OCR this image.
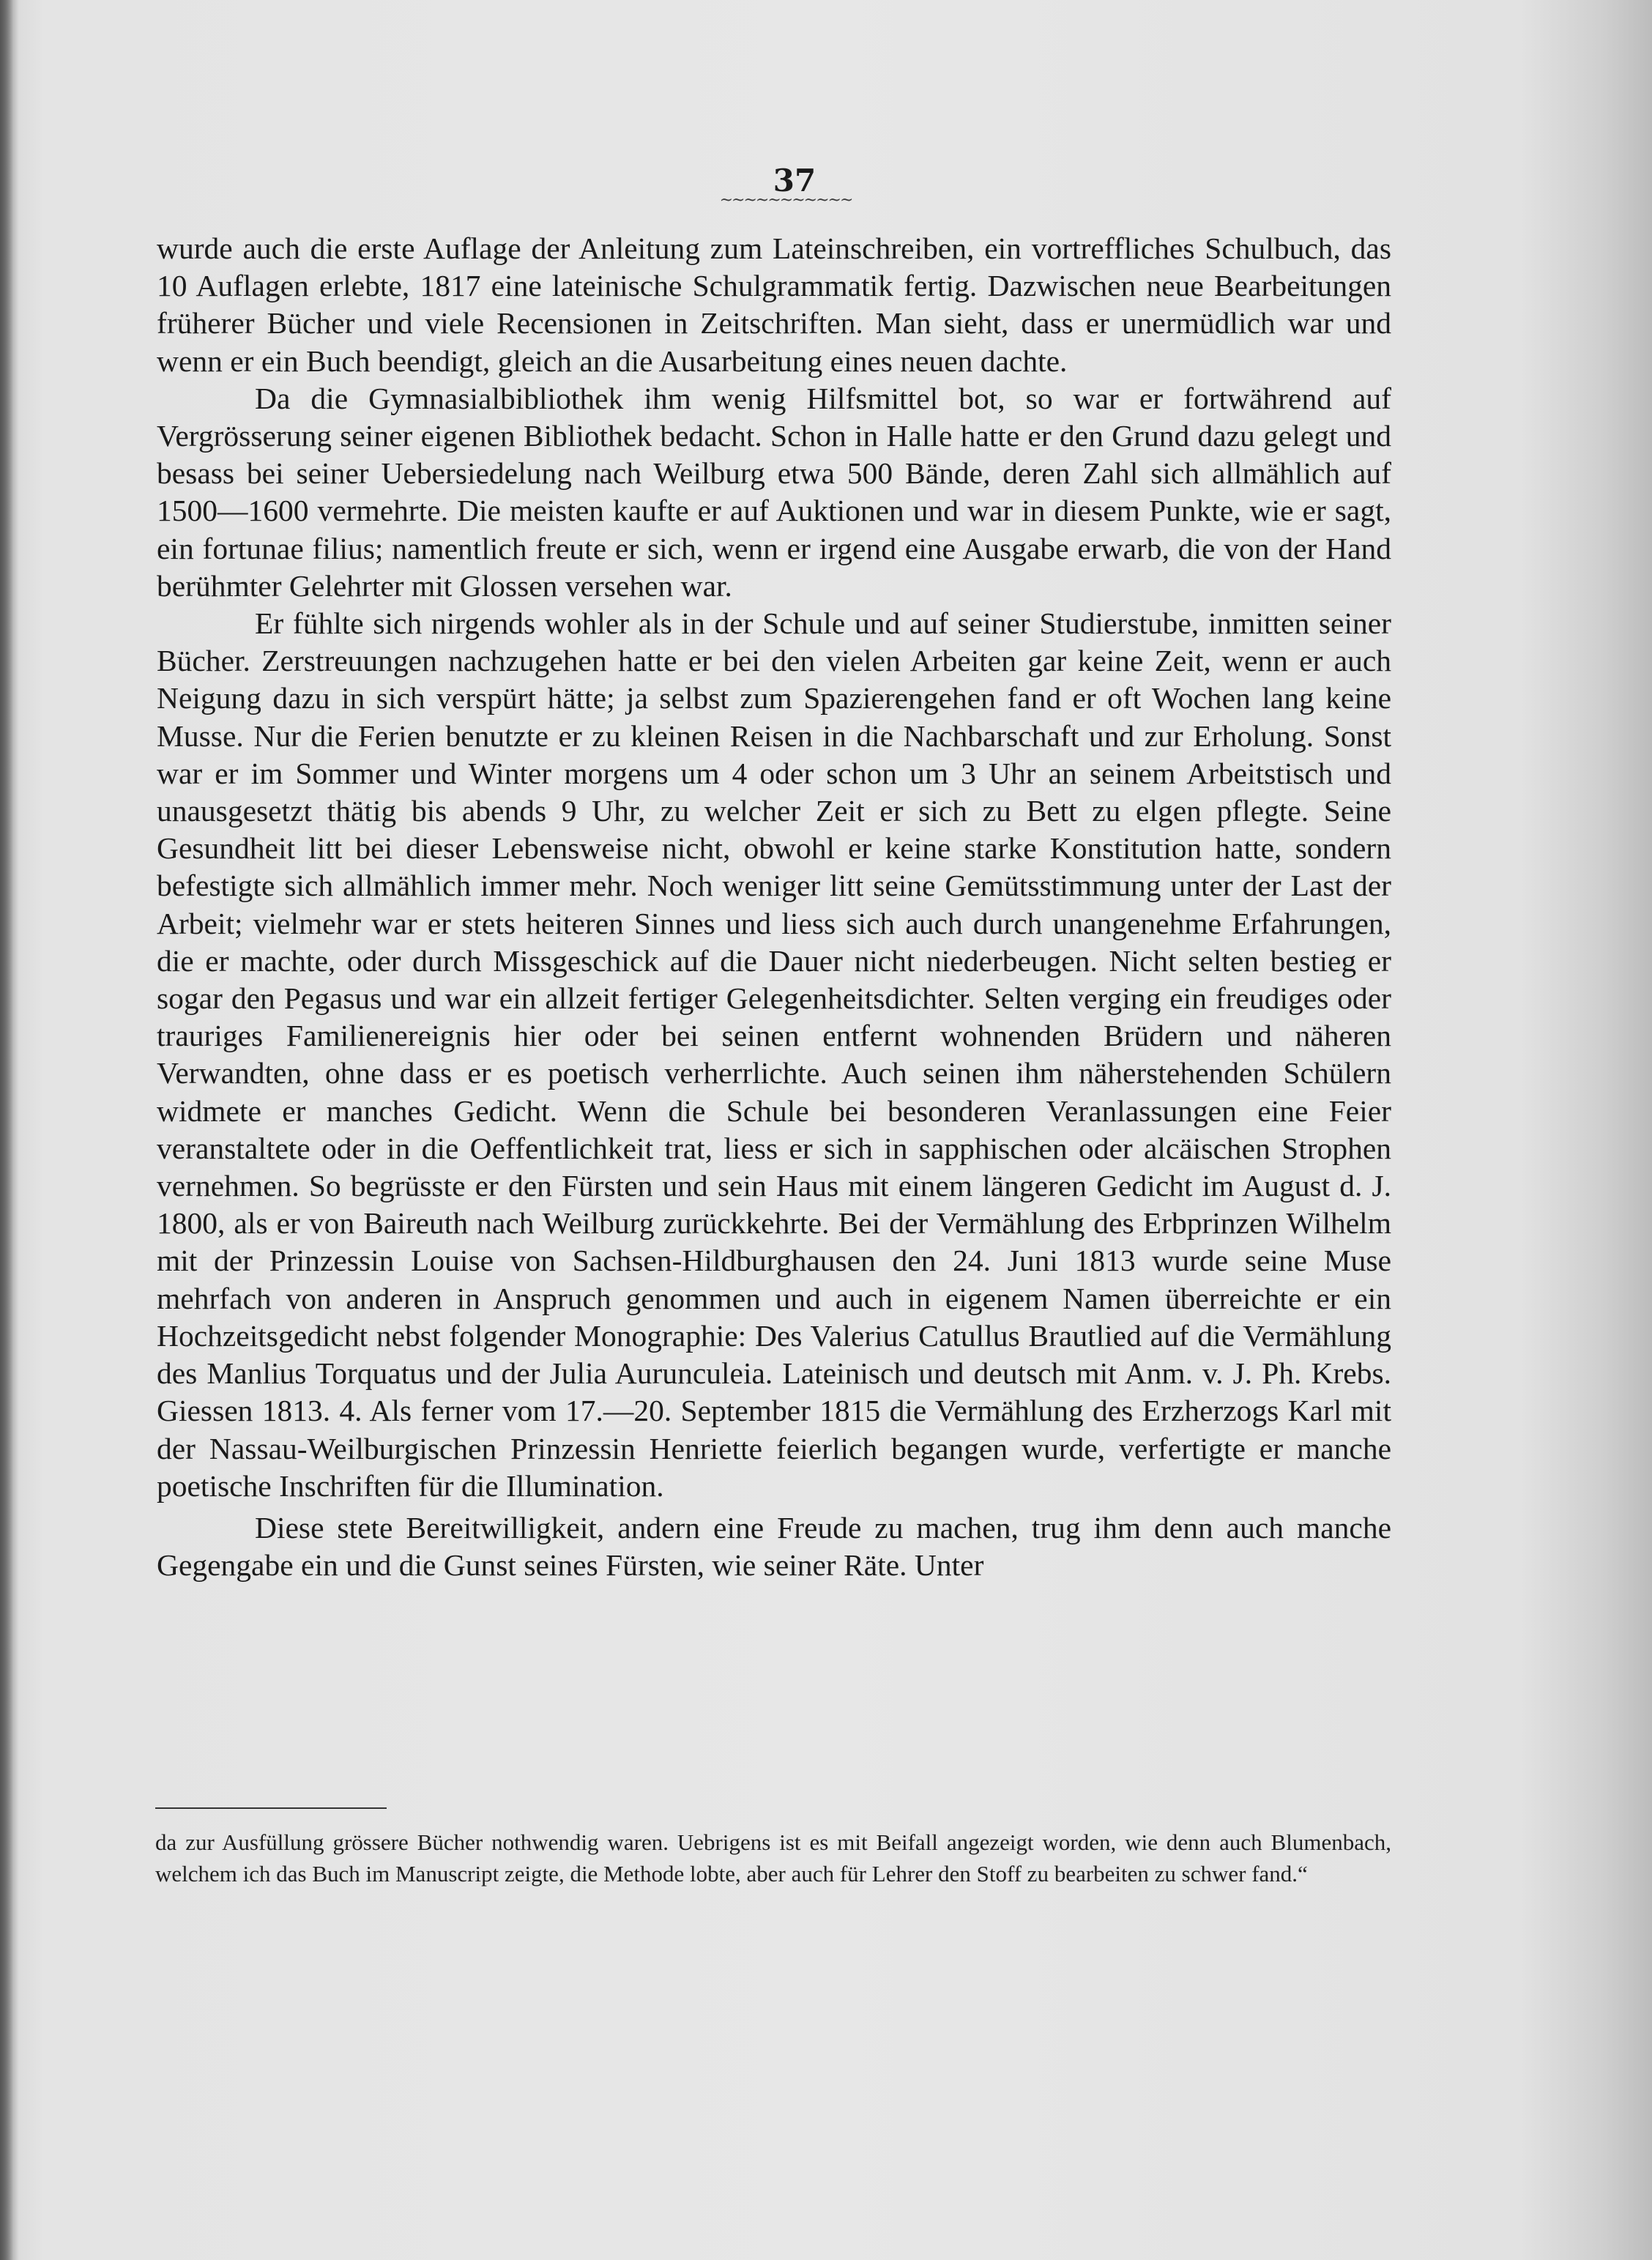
37
~~~~~~~~~~~

wurde auch die erste Auflage der Anleitung zum Lateinschreiben, ein vortreffliches Schulbuch, das 10 Auflagen erlebte, 1817 eine lateinische Schulgrammatik fertig. Dazwischen neue Bearbeitungen früherer Bücher und viele Recensionen in Zeitschriften. Man sieht, dass er unermüdlich war und wenn er ein Buch beendigt, gleich an die Ausarbeitung eines neuen dachte.

Da die Gymnasialbibliothek ihm wenig Hilfsmittel bot, so war er fortwährend auf Vergrösserung seiner eigenen Bibliothek bedacht. Schon in Halle hatte er den Grund dazu gelegt und besass bei seiner Uebersiedelung nach Weilburg etwa 500 Bände, deren Zahl sich allmählich auf 1500—1600 vermehrte. Die meisten kaufte er auf Auktionen und war in diesem Punkte, wie er sagt, ein fortunae filius; namentlich freute er sich, wenn er irgend eine Ausgabe erwarb, die von der Hand berühmter Gelehrter mit Glossen versehen war.

Er fühlte sich nirgends wohler als in der Schule und auf seiner Studierstube, inmitten seiner Bücher. Zerstreuungen nachzugehen hatte er bei den vielen Arbeiten gar keine Zeit, wenn er auch Neigung dazu in sich verspürt hätte; ja selbst zum Spazierengehen fand er oft Wochen lang keine Musse. Nur die Ferien benutzte er zu kleinen Reisen in die Nachbarschaft und zur Erholung. Sonst war er im Sommer und Winter morgens um 4 oder schon um 3 Uhr an seinem Arbeitstisch und unausgesetzt thätig bis abends 9 Uhr, zu welcher Zeit er sich zu Bett zu elgen pflegte. Seine Gesundheit litt bei dieser Lebensweise nicht, obwohl er keine starke Konstitution hatte, sondern befestigte sich allmählich immer mehr. Noch weniger litt seine Gemütsstimmung unter der Last der Arbeit; vielmehr war er stets heiteren Sinnes und liess sich auch durch unangenehme Erfahrungen, die er machte, oder durch Missgeschick auf die Dauer nicht niederbeugen. Nicht selten bestieg er sogar den Pegasus und war ein allzeit fertiger Gelegenheitsdichter. Selten verging ein freudiges oder trauriges Familienereignis hier oder bei seinen entfernt wohnenden Brüdern und näheren Verwandten, ohne dass er es poetisch verherrlichte. Auch seinen ihm näherstehenden Schülern widmete er manches Gedicht. Wenn die Schule bei besonderen Veranlassungen eine Feier veranstaltete oder in die Oeffentlichkeit trat, liess er sich in sapphischen oder alcäischen Strophen vernehmen. So begrüsste er den Fürsten und sein Haus mit einem längeren Gedicht im August d. J. 1800, als er von Baireuth nach Weilburg zurückkehrte. Bei der Vermählung des Erbprinzen Wilhelm mit der Prinzessin Louise von Sachsen-Hildburghausen den 24. Juni 1813 wurde seine Muse mehrfach von anderen in Anspruch genommen und auch in eigenem Namen überreichte er ein Hochzeitsgedicht nebst folgender Monographie: Des Valerius Catullus Brautlied auf die Vermählung des Manlius Torquatus und der Julia Aurunculeia. Lateinisch und deutsch mit Anm. v. J. Ph. Krebs. Giessen 1813. 4. Als ferner vom 17.—20. September 1815 die Vermählung des Erzherzogs Karl mit der Nassau-Weilburgischen Prinzessin Henriette feierlich begangen wurde, verfertigte er manche poetische Inschriften für die Illumination.

Diese stete Bereitwilligkeit, andern eine Freude zu machen, trug ihm denn auch manche Gegengabe ein und die Gunst seines Fürsten, wie seiner Räte. Unter

da zur Ausfüllung grössere Bücher nothwendig waren. Uebrigens ist es mit Beifall angezeigt worden, wie denn auch Blumenbach, welchem ich das Buch im Manuscript zeigte, die Methode lobte, aber auch für Lehrer den Stoff zu bearbeiten zu schwer fand.“
